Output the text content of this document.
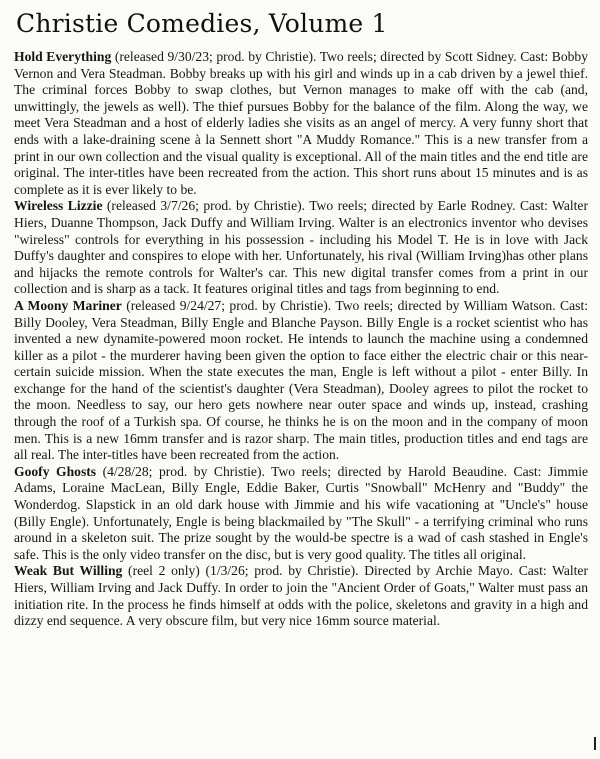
Christie Comedies, Volume 1

Hold Everything (released 9/30/23; prod. by Christie). Two reels; directed by Scott Sidney. Cast: Bobby Vernon and Vera Steadman. Bobby breaks up with his girl and winds up in a cab driven by a jewel thief. The criminal forces Bobby to swap clothes, but Vernon manages to make off with the cab (and, unwittingly, the jewels as well). The thief pursues Bobby for the balance of the film. Along the way, we meet Vera Steadman and a host of elderly ladies she visits as an angel of mercy. A very funny short that ends with a lake-draining scene à la Sennett short "A Muddy Romance." This is a new transfer from a print in our own collection and the visual quality is exceptional. All of the main titles and the end title are original. The inter-titles have been recreated from the action. This short runs about 15 minutes and is as complete as it is ever likely to be.

Wireless Lizzie (released 3/7/26; prod. by Christie). Two reels; directed by Earle Rodney. Cast: Walter Hiers, Duanne Thompson, Jack Duffy and William Irving. Walter is an electronics inventor who devises "wireless" controls for everything in his possession - including his Model T. He is in love with Jack Duffy's daughter and conspires to elope with her. Unfortunately, his rival (William Irving)has other plans and hijacks the remote controls for Walter's car. This new digital transfer comes from a print in our collection and is sharp as a tack. It features original titles and tags from beginning to end.

A Moony Mariner (released 9/24/27; prod. by Christie). Two reels; directed by William Watson. Cast: Billy Dooley, Vera Steadman, Billy Engle and Blanche Payson. Billy Engle is a rocket scientist who has invented a new dynamite-powered moon rocket. He intends to launch the machine using a condemned killer as a pilot - the murderer having been given the option to face either the electric chair or this near-certain suicide mission. When the state executes the man, Engle is left without a pilot - enter Billy. In exchange for the hand of the scientist's daughter (Vera Steadman), Dooley agrees to pilot the rocket to the moon. Needless to say, our hero gets nowhere near outer space and winds up, instead, crashing through the roof of a Turkish spa. Of course, he thinks he is on the moon and in the company of moon men. This is a new 16mm transfer and is razor sharp. The main titles, production titles and end tags are all real. The inter-titles have been recreated from the action.

Goofy Ghosts (4/28/28; prod. by Christie). Two reels; directed by Harold Beaudine. Cast: Jimmie Adams, Loraine MacLean, Billy Engle, Eddie Baker, Curtis "Snowball" McHenry and "Buddy" the Wonderdog. Slapstick in an old dark house with Jimmie and his wife vacationing at "Uncle's" house (Billy Engle). Unfortunately, Engle is being blackmailed by "The Skull" - a terrifying criminal who runs around in a skeleton suit. The prize sought by the would-be spectre is a wad of cash stashed in Engle's safe. This is the only video transfer on the disc, but is very good quality. The titles all original.

Weak But Willing (reel 2 only) (1/3/26; prod. by Christie). Directed by Archie Mayo. Cast: Walter Hiers, William Irving and Jack Duffy. In order to join the "Ancient Order of Goats," Walter must pass an initiation rite. In the process he finds himself at odds with the police, skeletons and gravity in a high and dizzy end sequence. A very obscure film, but very nice 16mm source material.
